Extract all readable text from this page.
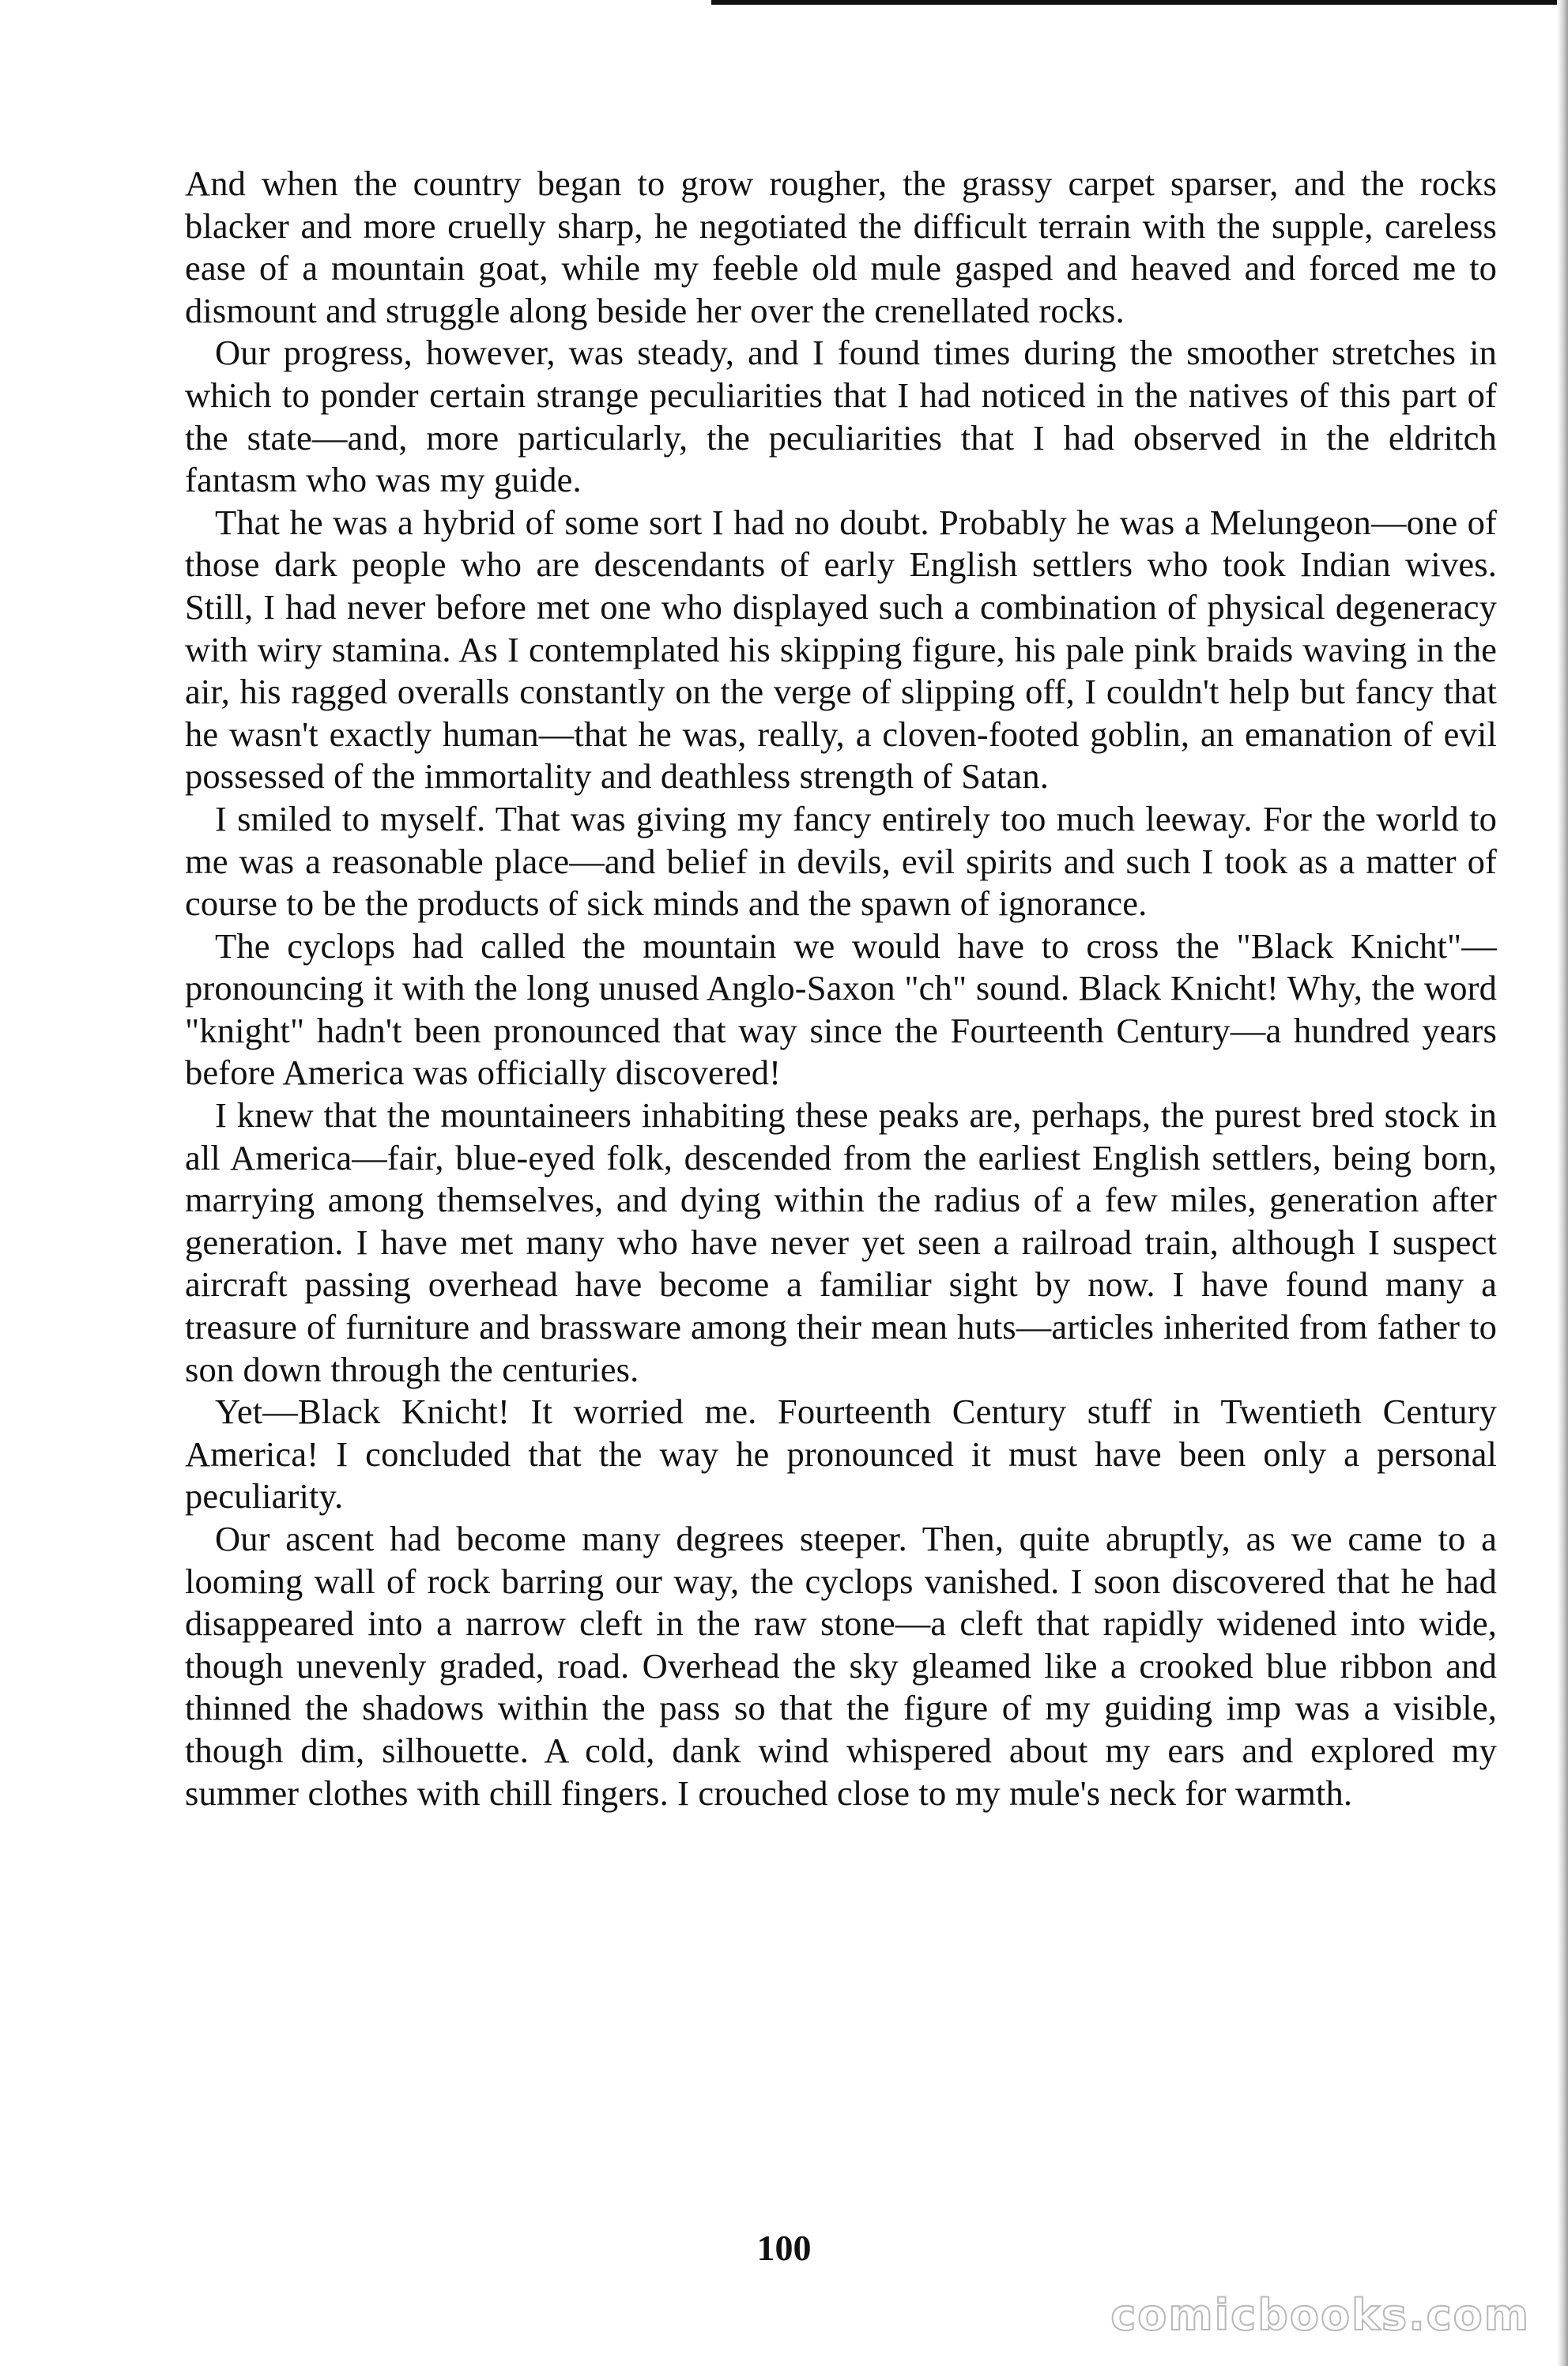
And when the country began to grow rougher, the grassy carpet sparser, and the rocks blacker and more cruelly sharp, he negotiated the difficult terrain with the supple, careless ease of a mountain goat, while my feeble old mule gasped and heaved and forced me to dismount and struggle along beside her over the crenellated rocks.

Our progress, however, was steady, and I found times during the smoother stretches in which to ponder certain strange peculiarities that I had noticed in the natives of this part of the state—and, more particularly, the peculiarities that I had observed in the eldritch fantasm who was my guide.

That he was a hybrid of some sort I had no doubt. Probably he was a Melungeon—one of those dark people who are descendants of early English settlers who took Indian wives. Still, I had never before met one who displayed such a combination of physical degeneracy with wiry stamina. As I contemplated his skipping figure, his pale pink braids waving in the air, his ragged overalls constantly on the verge of slipping off, I couldn't help but fancy that he wasn't exactly human—that he was, really, a cloven-footed goblin, an emanation of evil possessed of the immortality and deathless strength of Satan.

I smiled to myself. That was giving my fancy entirely too much leeway. For the world to me was a reasonable place—and belief in devils, evil spirits and such I took as a matter of course to be the products of sick minds and the spawn of ignorance.

The cyclops had called the mountain we would have to cross the "Black Knicht"—pronouncing it with the long unused Anglo-Saxon "ch" sound. Black Knicht! Why, the word "knight" hadn't been pronounced that way since the Fourteenth Century—a hundred years before America was officially discovered!

I knew that the mountaineers inhabiting these peaks are, perhaps, the purest bred stock in all America—fair, blue-eyed folk, descended from the earliest English settlers, being born, marrying among themselves, and dying within the radius of a few miles, generation after generation. I have met many who have never yet seen a railroad train, although I suspect aircraft passing overhead have become a familiar sight by now. I have found many a treasure of furniture and brassware among their mean huts—articles inherited from father to son down through the centuries.

Yet—Black Knicht! It worried me. Fourteenth Century stuff in Twentieth Century America! I concluded that the way he pronounced it must have been only a personal peculiarity.

Our ascent had become many degrees steeper. Then, quite abruptly, as we came to a looming wall of rock barring our way, the cyclops vanished. I soon discovered that he had disappeared into a narrow cleft in the raw stone—a cleft that rapidly widened into wide, though unevenly graded, road. Overhead the sky gleamed like a crooked blue ribbon and thinned the shadows within the pass so that the figure of my guiding imp was a visible, though dim, silhouette. A cold, dank wind whispered about my ears and explored my summer clothes with chill fingers. I crouched close to my mule's neck for warmth.

100
comicbooks.com
